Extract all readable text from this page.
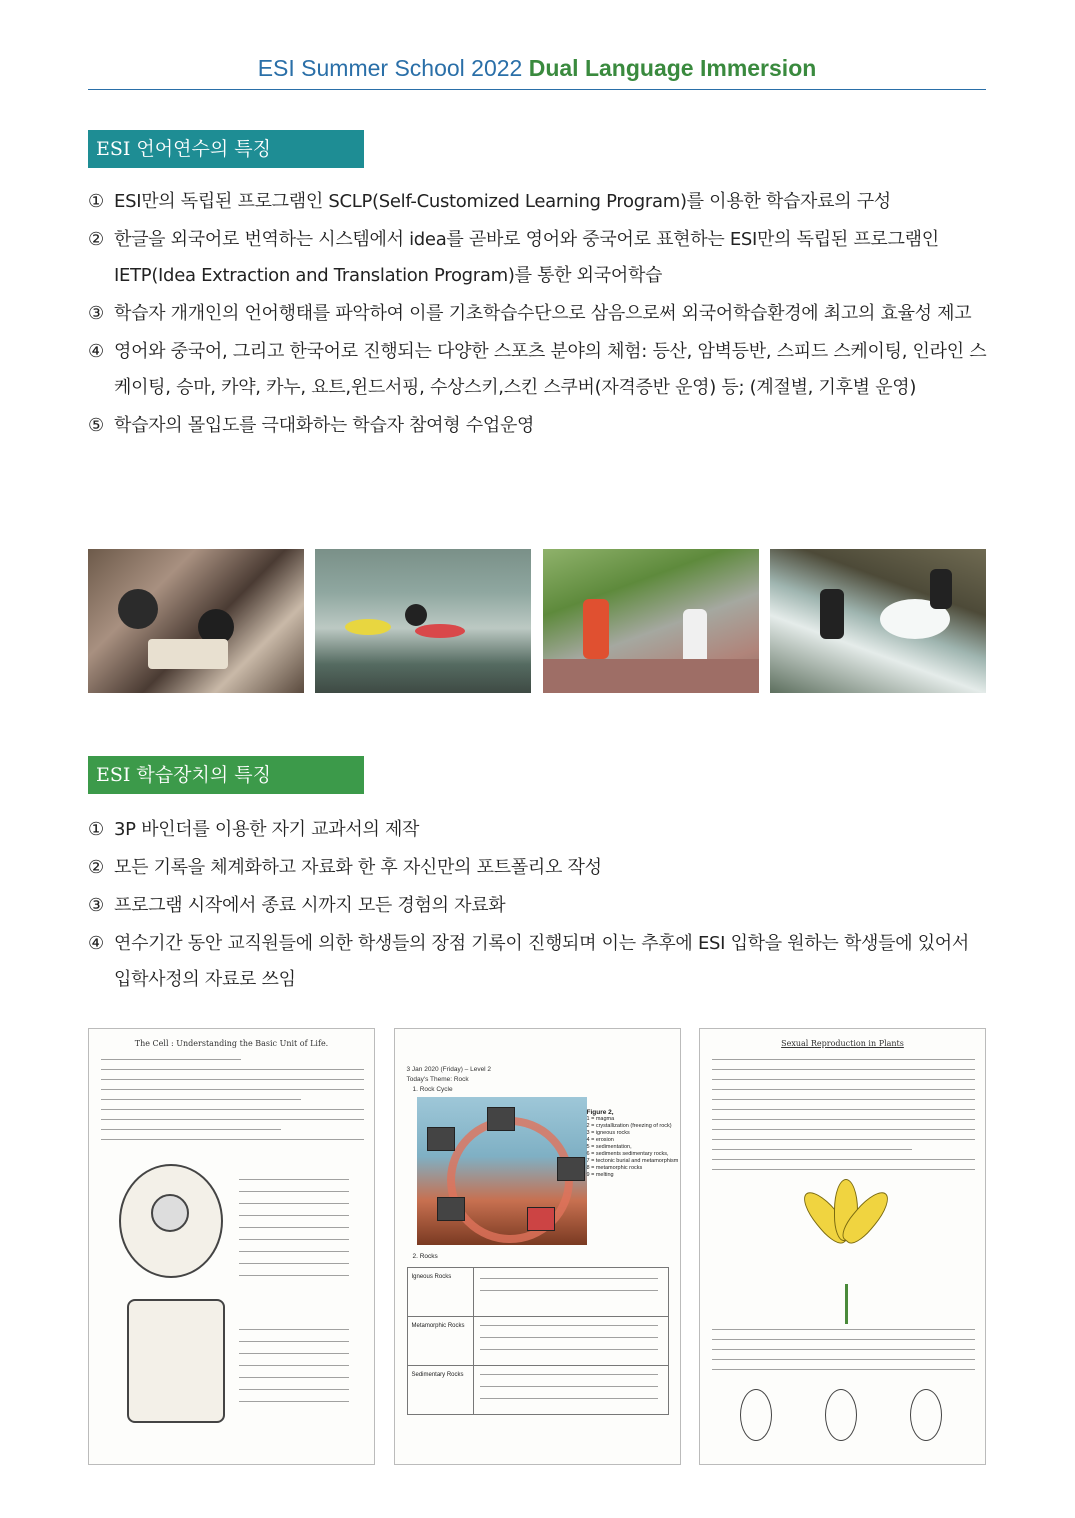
ESI Summer School 2022 Dual Language Immersion
ESI 언어연수의 특징
① ESI만의 독립된 프로그램인 SCLP(Self-Customized Learning Program)를 이용한 학습자료의 구성
② 한글을 외국어로 번역하는 시스템에서 idea를 곧바로 영어와 중국어로 표현하는 ESI만의 독립된 프로그램인 IETP(Idea Extraction and Translation Program)를 통한 외국어학습
③ 학습자 개개인의 언어행태를 파악하여 이를 기초학습수단으로 삼음으로써 외국어학습환경에 최고의 효율성 제고
④ 영어와 중국어, 그리고 한국어로 진행되는 다양한 스포츠 분야의 체험: 등산, 암벽등반, 스피드 스케이팅, 인라인 스케이팅, 승마, 카약, 카누, 요트,윈드서핑, 수상스키,스킨 스쿠버(자격증반 운영) 등; (계절별, 기후별 운영)
⑤ 학습자의 몰입도를 극대화하는 학습자 참여형 수업운영
ESI 학습장치의 특징
① 3P 바인더를 이용한 자기 교과서의 제작
② 모든 기록을 체계화하고 자료화 한 후 자신만의 포트폴리오 작성
③ 프로그램 시작에서 종료 시까지 모든 경험의 자료화
④ 연수기간 동안 교직원들에 의한 학생들의 장점 기록이 진행되며 이는 추후에 ESI 입학을 원하는 학생들에 있어서 입학사정의 자료로 쓰임
The Cell : Understanding the Basic Unit of Life.
3 Jan 2020 (Friday) – Level 2
Today's Theme: Rock
1. Rock Cycle
Figure 2,
1 = magma
2 = crystallization (freezing of rock)
3 = igneous rocks
4 = erosion
5 = sedimentation,
6 = sediments sedimentary rocks,
7 = tectonic burial and metamorphism
8 = metamorphic rocks
9 = melting
2. Rocks
Igneous Rocks
Metamorphic Rocks
Sedimentary Rocks
Sexual Reproduction in Plants
